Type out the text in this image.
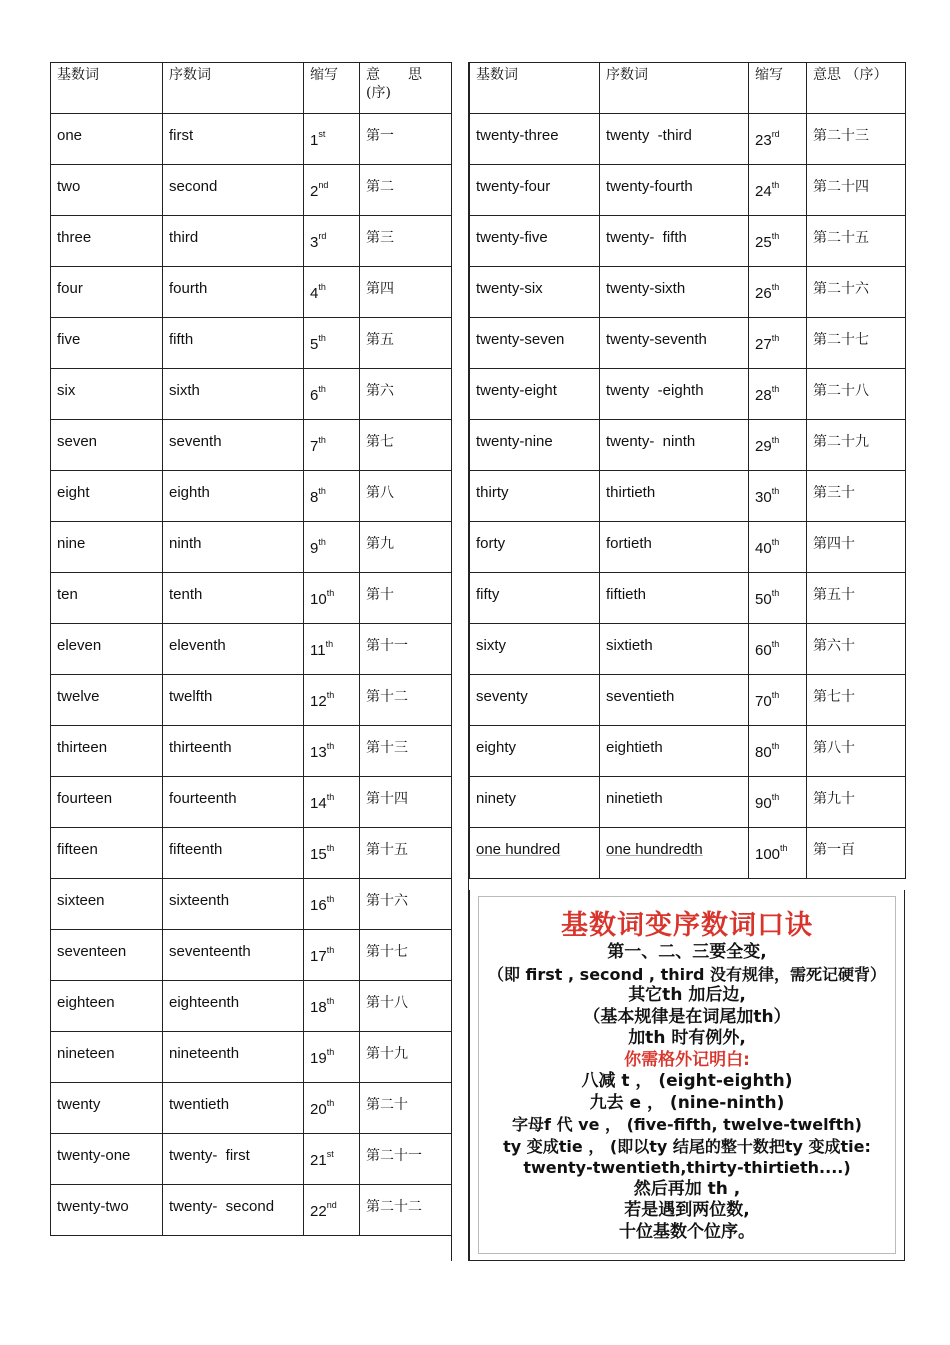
基数词	序数词	缩写	意　　思(序)

one	first	1st	第一

two	second	2nd	第二

three	third	3rd	第三

four	fourth	4th	第四

five	fifth	5th	第五

six	sixth	6th	第六

seven	seventh	7th	第七

eight	eighth	8th	第八

nine	ninth	9th	第九

ten	tenth	10th	第十

eleven	eleventh	11th	第十一

twelve	twelfth	12th	第十二

thirteen	thirteenth	13th	第十三

fourteen	fourteenth	14th	第十四

fifteen	fifteenth	15th	第十五

sixteen	sixteenth	16th	第十六

seventeen	seventeenth	17th	第十七

eighteen	eighteenth	18th	第十八

nineteen	nineteenth	19th	第十九

twenty	twentieth	20th	第二十

twenty-one	twenty-  first	21st	第二十一

twenty-two	twenty-  second	22nd	第二十二
基数词	序数词	缩写	意思 （序）

twenty-three	twenty  -third	23rd	第二十三

twenty-four	twenty-fourth	24th	第二十四

twenty-five	twenty-  fifth	25th	第二十五

twenty-six	twenty-sixth	26th	第二十六

twenty-seven	twenty-seventh	27th	第二十七

twenty-eight	twenty  -eighth	28th	第二十八

twenty-nine	twenty-  ninth	29th	第二十九

thirty	thirtieth	30th	第三十

forty	fortieth	40th	第四十

fifty	fiftieth	50th	第五十

sixty	sixtieth	60th	第六十

seventy	seventieth	70th	第七十

eighty	eightieth	80th	第八十

ninety	ninetieth	90th	第九十

one hundred	one hundredth	100th	第一百
基数词变序数词口诀
第一、二、三要全变,
（即 first , second , third 没有规律，需死记硬背）
其它th 加后边,
（基本规律是在词尾加th）
加th 时有例外,
你需格外记明白:
八减 t ， (eight-eighth)
九去 e ， (nine-ninth)
字母f 代 ve ， (five-fifth, twelve-twelfth)
ty 变成tie ， (即以ty 结尾的整十数把ty 变成tie:
twenty-twentieth,thirty-thirtieth....)
然后再加 th ,
若是遇到两位数,
十位基数个位序。
